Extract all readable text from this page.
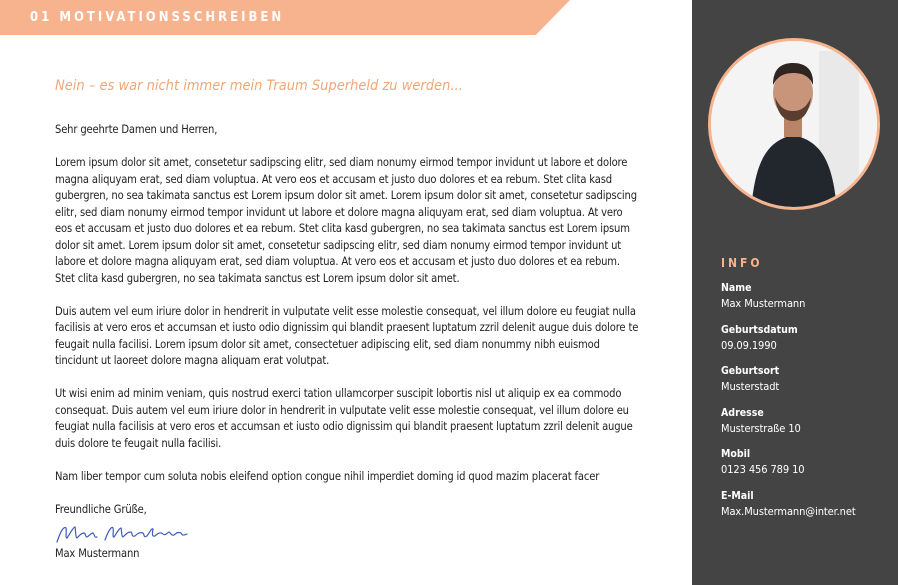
01 MOTIVATIONSSCHREIBEN
Nein – es war nicht immer mein Traum Superheld zu werden...

Sehr geehrte Damen und Herren,

Lorem ipsum dolor sit amet, consetetur sadipscing elitr, sed diam nonumy eirmod tempor invidunt ut labore et dolore magna aliquyam erat, sed diam voluptua. At vero eos et accusam et justo duo dolores et ea rebum. Stet clita kasd gubergren, no sea takimata sanctus est Lorem ipsum dolor sit amet. Lorem ipsum dolor sit amet, consetetur sadipscing elitr, sed diam nonumy eirmod tempor invidunt ut labore et dolore magna aliquyam erat, sed diam voluptua. At vero eos et accusam et justo duo dolores et ea rebum. Stet clita kasd gubergren, no sea takimata sanctus est Lorem ipsum dolor sit amet. Lorem ipsum dolor sit amet, consetetur sadipscing elitr, sed diam nonumy eirmod tempor invidunt ut labore et dolore magna aliquyam erat, sed diam voluptua. At vero eos et accusam et justo duo dolores et ea rebum. Stet clita kasd gubergren, no sea takimata sanctus est Lorem ipsum dolor sit amet.

Duis autem vel eum iriure dolor in hendrerit in vulputate velit esse molestie consequat, vel illum dolore eu feugiat nulla facilisis at vero eros et accumsan et iusto odio dignissim qui blandit praesent luptatum zzril delenit augue duis dolore te feugait nulla facilisi. Lorem ipsum dolor sit amet, consectetuer adipiscing elit, sed diam nonummy nibh euismod tincidunt ut laoreet dolore magna aliquam erat volutpat.

Ut wisi enim ad minim veniam, quis nostrud exerci tation ullamcorper suscipit lobortis nisl ut aliquip ex ea commodo consequat. Duis autem vel eum iriure dolor in hendrerit in vulputate velit esse molestie consequat, vel illum dolore eu feugiat nulla facilisis at vero eros et accumsan et iusto odio dignissim qui blandit praesent luptatum zzril delenit augue duis dolore te feugait nulla facilisi.

Nam liber tempor cum soluta nobis eleifend option congue nihil imperdiet doming id quod mazim placerat facer

Freundliche Grüße,

Max Mustermann

INFO
Name
Max Mustermann
Geburtsdatum
09.09.1990
Geburtsort
Musterstadt
Adresse
Musterstraße 10
Mobil
0123 456 789 10
E-Mail
Max.Mustermann@inter.net
